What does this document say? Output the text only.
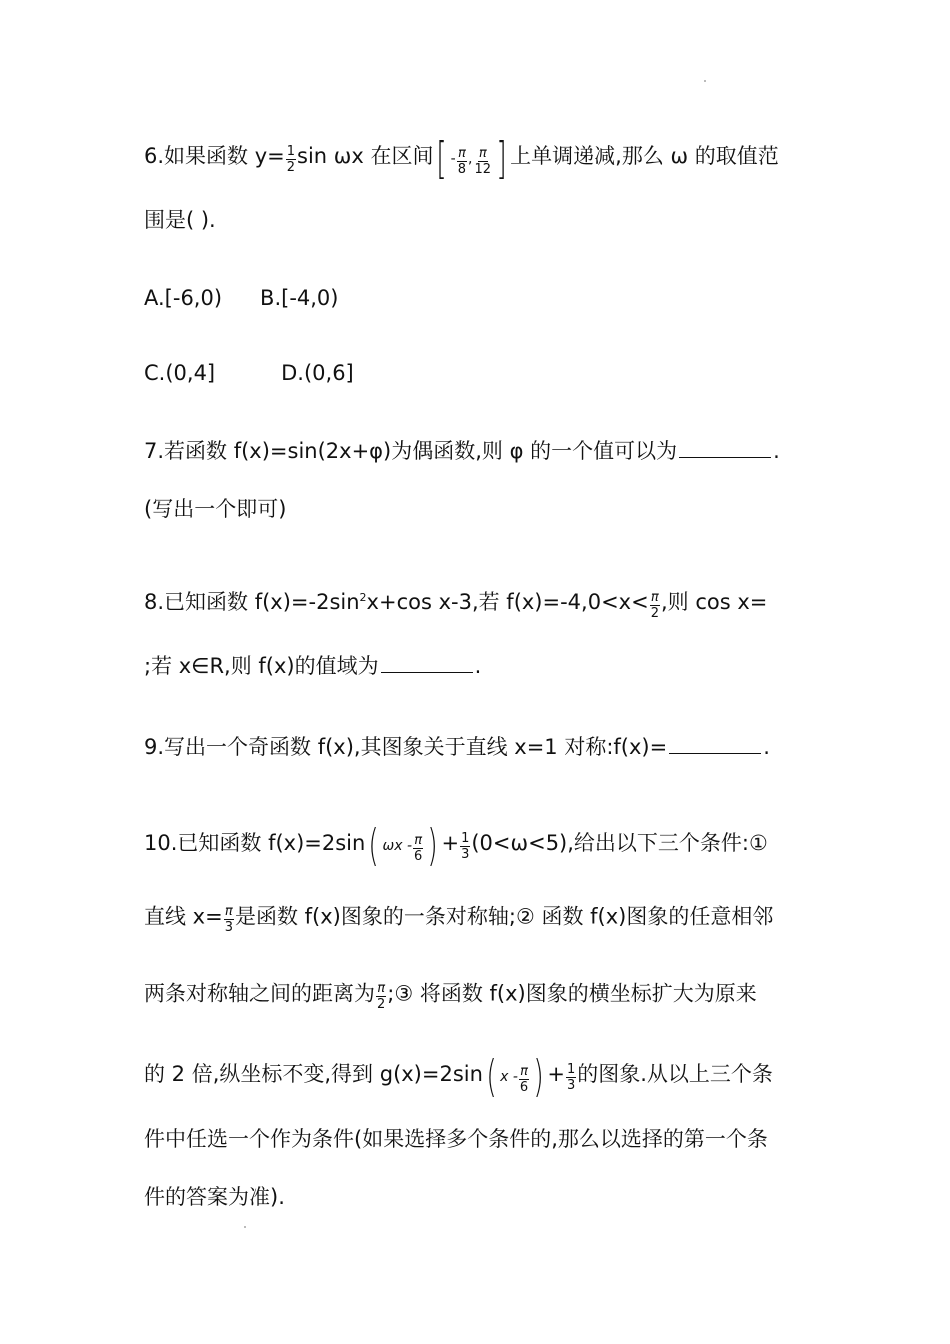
6.如果函数 $y= \frac{1}{2}$ sin ωx 在区间 [ - $\frac{\pi}{8}$ , $\frac{\pi}{12}$ ] 上单调递减,那么 ω 的取值范
围是( ).
A.[-6,0) B.[-4,0)
C.(0,4]	D.(0,6]
7.若函数 f(x)=sin(2x+φ)为偶函数,则 φ 的一个值可以为	.
(写出一个即可)
8.已知函数 $f(x)=-2\sin^2x+\cos$ x-3,若 $f(x)=-4,0<x< \frac{\pi}{2}$ ,则 cos x=
;若 x∈R,则 f(x)的值域为	.
9.写出一个奇函数 f(x),其图象关于直线 x=1 对称:f(x)=	.
10.已知函数 f(x)=2sin ( ωx - $\frac{\pi}{6}$ ) + $\frac{1}{3} (0<\omega<5)$,给出以下三个条件:①
直线 $x= \frac{\pi}{3}$ 是函数 f(x)图象的一条对称轴;② 函数 f(x)图象的任意相邻
两条对称轴之间的距离为 $\frac{\pi}{2}$ ;③ 将函数 f(x)图象的横坐标扩大为原来
的 2 倍,纵坐标不变,得到 g(x)=2sin ( x - $\frac{\pi}{6}$ ) + $\frac{1}{3}$ 的图象.从以上三个条
件中任选一个作为条件(如果选择多个条件的,那么以选择的第一个条
件的答案为准).
